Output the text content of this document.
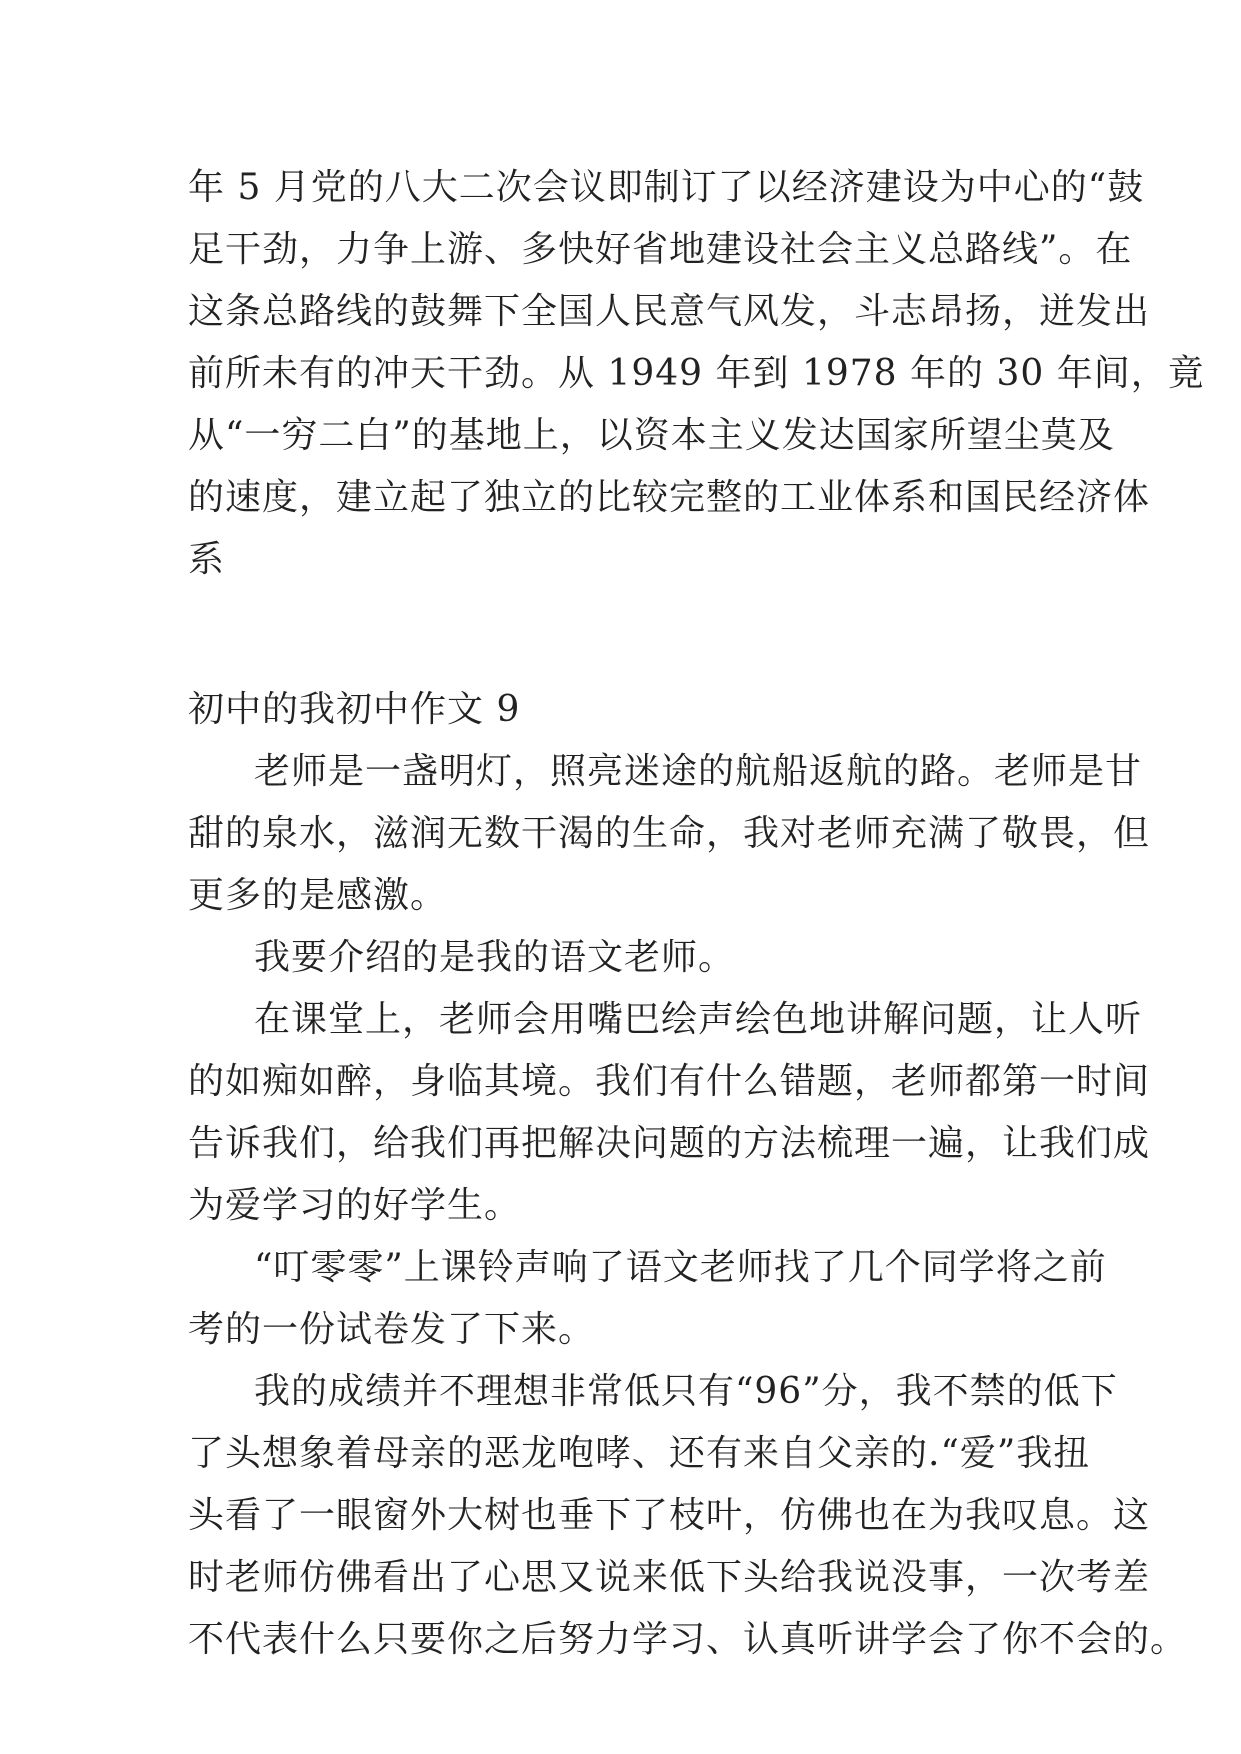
年 5 月党的八大二次会议即制订了以经济建设为中心的“鼓
足干劲，力争上游、多快好省地建设社会主义总路线”。在
这条总路线的鼓舞下全国人民意气风发，斗志昂扬，迸发出
前所未有的冲天干劲。从 1949 年到 1978 年的 30 年间，竟
从“一穷二白”的基地上，以资本主义发达国家所望尘莫及
的速度，建立起了独立的比较完整的工业体系和国民经济体
系
初中的我初中作文 9
老师是一盏明灯，照亮迷途的航船返航的路。老师是甘
甜的泉水，滋润无数干渴的生命，我对老师充满了敬畏，但
更多的是感激。
我要介绍的是我的语文老师。
在课堂上，老师会用嘴巴绘声绘色地讲解问题，让人听
的如痴如醉，身临其境。我们有什么错题，老师都第一时间
告诉我们，给我们再把解决问题的方法梳理一遍，让我们成
为爱学习的好学生。
“叮零零”上课铃声响了语文老师找了几个同学将之前
考的一份试卷发了下来。
我的成绩并不理想非常低只有“96”分，我不禁的低下
了头想象着母亲的恶龙咆哮、还有来自父亲的.“爱”我扭
头看了一眼窗外大树也垂下了枝叶，仿佛也在为我叹息。这
时老师仿佛看出了心思又说来低下头给我说没事，一次考差
不代表什么只要你之后努力学习、认真听讲学会了你不会的。
